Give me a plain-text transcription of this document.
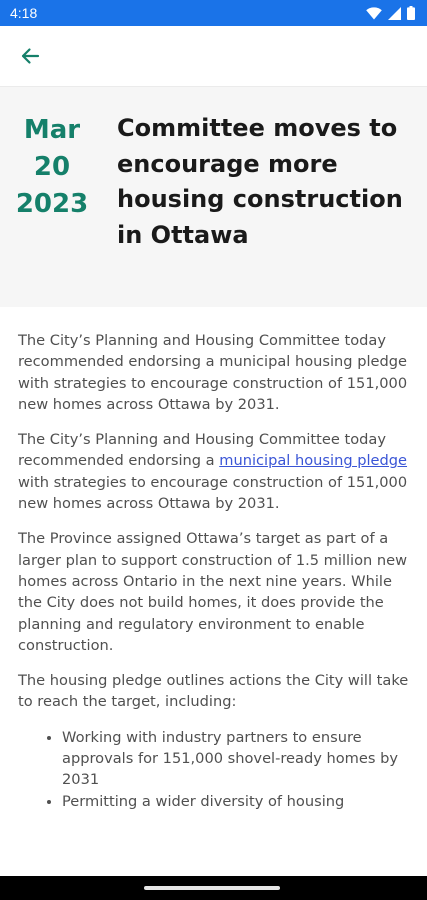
4:18
Mar
20
2023
Committee moves to encourage more housing construction in Ottawa

The City’s Planning and Housing Committee today recommended endorsing a municipal housing pledge with strategies to encourage construction of 151,000 new homes across Ottawa by 2031.

The City’s Planning and Housing Committee today recommended endorsing a municipal housing pledge with strategies to encourage construction of 151,000 new homes across Ottawa by 2031.

The Province assigned Ottawa’s target as part of a larger plan to support construction of 1.5 million new homes across Ontario in the next nine years. While the City does not build homes, it does provide the planning and regulatory environment to enable construction.

The housing pledge outlines actions the City will take to reach the target, including:

• Working with industry partners to ensure approvals for 151,000 shovel-ready homes by 2031
• Permitting a wider diversity of housing
